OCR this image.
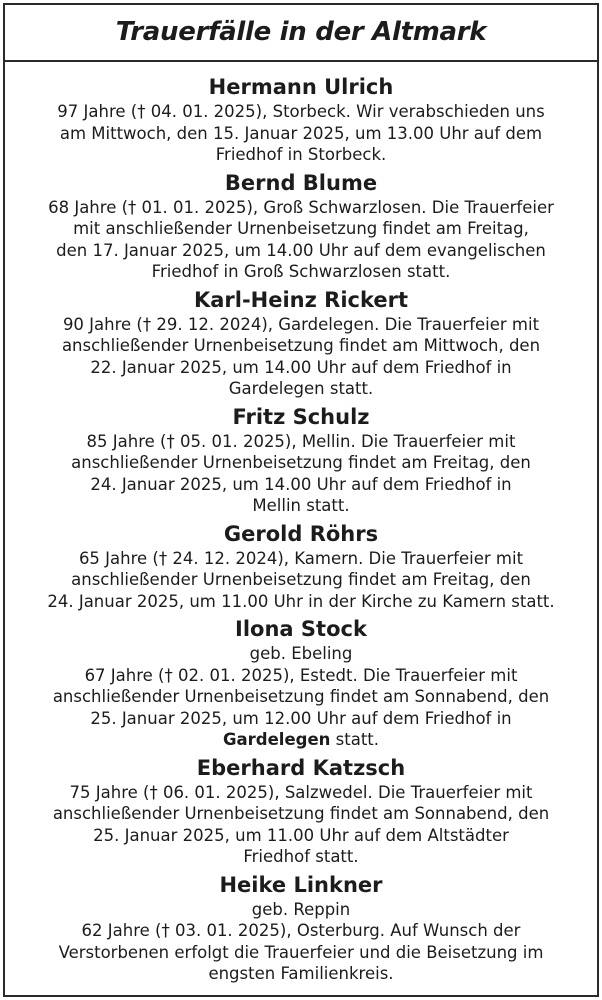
Trauerfälle in der Altmark
Hermann Ulrich
97 Jahre († 04. 01. 2025), Storbeck. Wir verabschieden uns
am Mittwoch, den 15. Januar 2025, um 13.00 Uhr auf dem
Friedhof in Storbeck.
Bernd Blume
68 Jahre († 01. 01. 2025), Groß Schwarzlosen. Die Trauerfeier
mit anschließender Urnenbeisetzung findet am Freitag,
den 17. Januar 2025, um 14.00 Uhr auf dem evangelischen
Friedhof in Groß Schwarzlosen statt.
Karl-Heinz Rickert
90 Jahre († 29. 12. 2024), Gardelegen. Die Trauerfeier mit
anschließender Urnenbeisetzung findet am Mittwoch, den
22. Januar 2025, um 14.00 Uhr auf dem Friedhof in
Gardelegen statt.
Fritz Schulz
85 Jahre († 05. 01. 2025), Mellin. Die Trauerfeier mit
anschließender Urnenbeisetzung findet am Freitag, den
24. Januar 2025, um 14.00 Uhr auf dem Friedhof in
Mellin statt.
Gerold Röhrs
65 Jahre († 24. 12. 2024), Kamern. Die Trauerfeier mit
anschließender Urnenbeisetzung findet am Freitag, den
24. Januar 2025, um 11.00 Uhr in der Kirche zu Kamern statt.
Ilona Stock
geb. Ebeling
67 Jahre († 02. 01. 2025), Estedt. Die Trauerfeier mit
anschließender Urnenbeisetzung findet am Sonnabend, den
25. Januar 2025, um 12.00 Uhr auf dem Friedhof in
Gardelegen statt.
Eberhard Katzsch
75 Jahre († 06. 01. 2025), Salzwedel. Die Trauerfeier mit
anschließender Urnenbeisetzung findet am Sonnabend, den
25. Januar 2025, um 11.00 Uhr auf dem Altstädter
Friedhof statt.
Heike Linkner
geb. Reppin
62 Jahre († 03. 01. 2025), Osterburg. Auf Wunsch der
Verstorbenen erfolgt die Trauerfeier und die Beisetzung im
engsten Familienkreis.
